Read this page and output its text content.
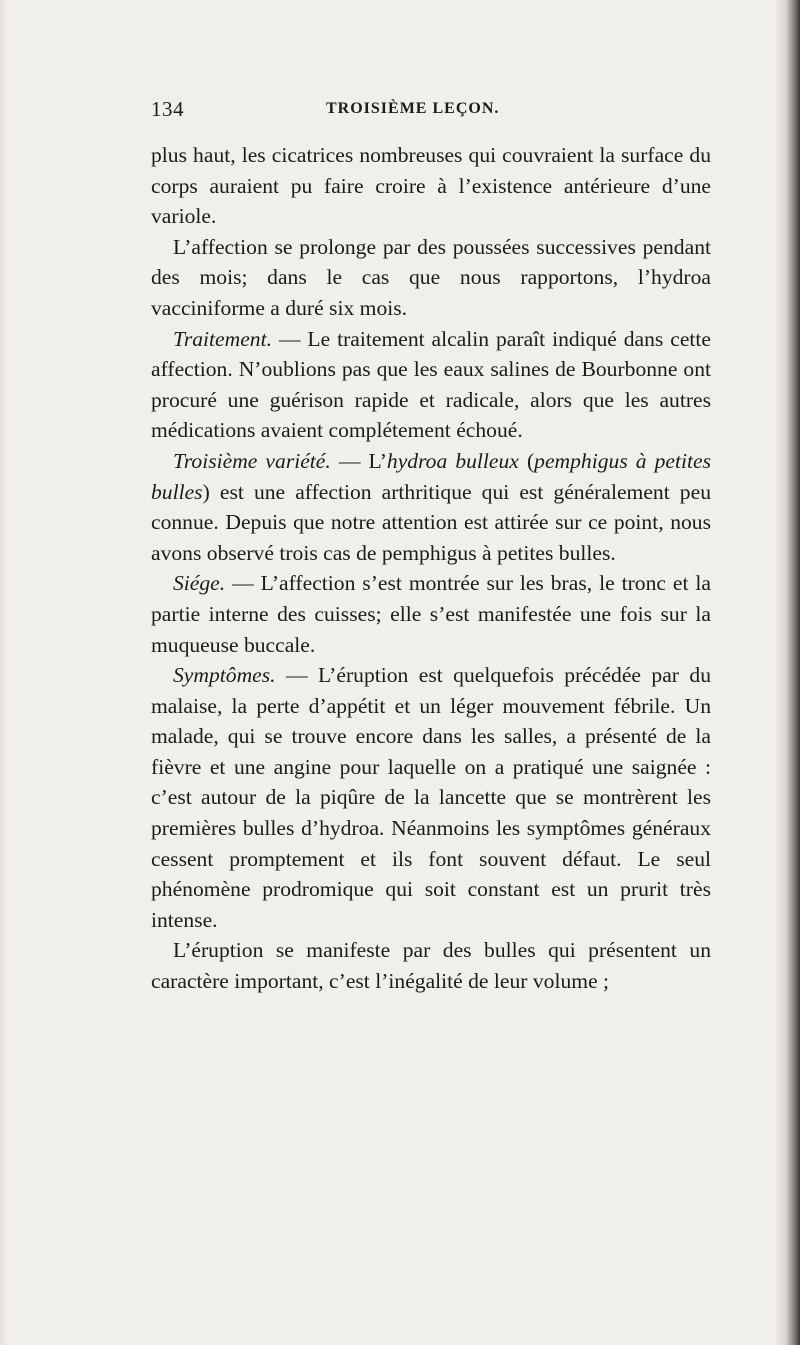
134	TROISIÈME LEÇON.

plus haut, les cicatrices nombreuses qui couvraient la surface du corps auraient pu faire croire à l’existence antérieure d’une variole.

L’affection se prolonge par des poussées successives pendant des mois; dans le cas que nous rapportons, l’hydroa vacciniforme a duré six mois.

Traitement. — Le traitement alcalin paraît indiqué dans cette affection. N’oublions pas que les eaux salines de Bourbonne ont procuré une guérison rapide et radicale, alors que les autres médications avaient complétement échoué.

Troisième variété. — L’hydroa bulleux (pemphigus à petites bulles) est une affection arthritique qui est généralement peu connue. Depuis que notre attention est attirée sur ce point, nous avons observé trois cas de pemphigus à petites bulles.

Siége. — L’affection s’est montrée sur les bras, le tronc et la partie interne des cuisses; elle s’est manifestée une fois sur la muqueuse buccale.

Symptômes. — L’éruption est quelquefois précédée par du malaise, la perte d’appétit et un léger mouvement fébrile. Un malade, qui se trouve encore dans les salles, a présenté de la fièvre et une angine pour laquelle on a pratiqué une saignée : c’est autour de la piqûre de la lancette que se montrèrent les premières bulles d’hydroa. Néanmoins les symptômes généraux cessent promptement et ils font souvent défaut. Le seul phénomène prodromique qui soit constant est un prurit très intense.

L’éruption se manifeste par des bulles qui présentent un caractère important, c’est l’inégalité de leur volume ;
